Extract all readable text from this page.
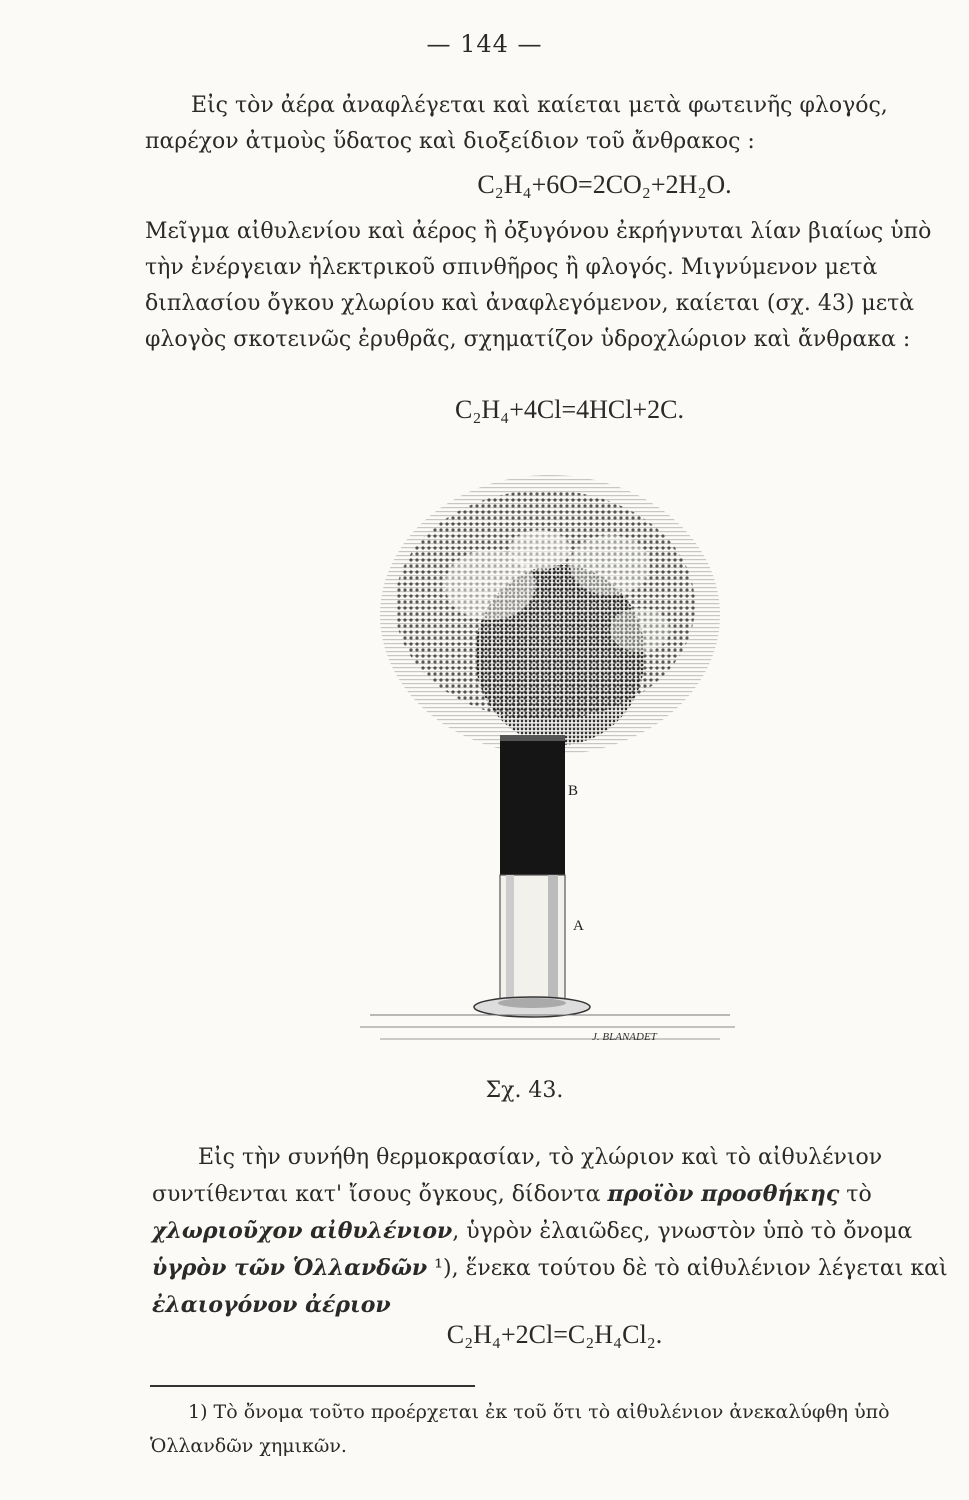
— 144 —

Εἰς τὸν ἀέρα ἀναφλέγεται καὶ καίεται μετὰ φωτεινῆς φλογός, παρέχον ἀτμοὺς ὕδατος καὶ διοξείδιον τοῦ ἄνθρακος :

C₂H₄+6O=2CO₂+2H₂O.

Μεῖγμα αἰθυλενίου καὶ ἀέρος ἢ ὀξυγόνου ἐκρήγνυται λίαν βιαίως ὑπὸ τὴν ἐνέργειαν ἠλεκτρικοῦ σπινθῆρος ἢ φλογός. Μιγνύμενον μετὰ διπλασίου ὄγκου χλωρίου καὶ ἀναφλεγόμενον, καίεται (σχ. 43) μετὰ φλογὸς σκοτεινῶς ἐρυθρᾶς, σχηματίζον ὑδροχλώριον καὶ ἄνθρακα :

C₂H₄+4Cl=4HCl+2C.
B
A
J. BLANADET
Σχ. 43.

Εἰς τὴν συνήθη θερμοκρασίαν, τὸ χλώριον καὶ τὸ αἰθυλένιον συντίθενται κατ' ἴσους ὄγκους, δίδοντα προϊὸν προσθήκης τὸ χλωριοῦχον αἰθυλένιον, ὑγρὸν ἐλαιῶδες, γνωστὸν ὑπὸ τὸ ὄνομα ὑγρὸν τῶν Ὁλλανδῶν ¹), ἕνεκα τούτου δὲ τὸ αἰθυλένιον λέγεται καὶ ἐλαιογόνον ἀέριον

C₂H₄+2Cl=C₂H₄Cl₂.

1) Τὸ ὄνομα τοῦτο προέρχεται ἐκ τοῦ ὅτι τὸ αἰθυλένιον ἀνεκαλύφθη ὑπὸ Ὁλλανδῶν χημικῶν.
